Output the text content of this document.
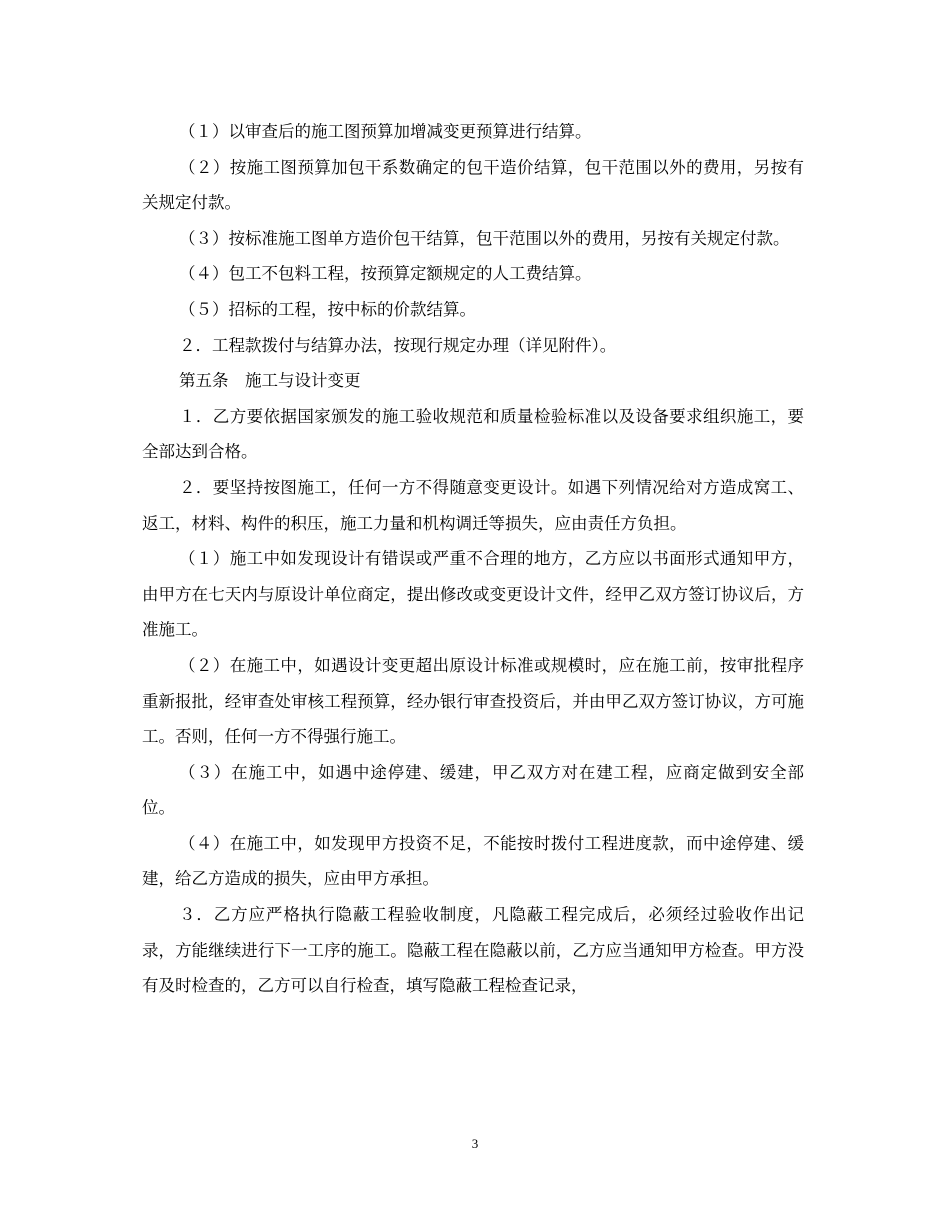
（１）以审查后的施工图预算加增减变更预算进行结算。

（２）按施工图预算加包干系数确定的包干造价结算，包干范围以外的费用，另按有关规定付款。

（３）按标准施工图单方造价包干结算，包干范围以外的费用，另按有关规定付款。

（４）包工不包料工程，按预算定额规定的人工费结算。

（５）招标的工程，按中标的价款结算。

２．工程款拨付与结算办法，按现行规定办理（详见附件）。

第五条　施工与设计变更

１．乙方要依据国家颁发的施工验收规范和质量检验标准以及设备要求组织施工，要全部达到合格。

２．要坚持按图施工，任何一方不得随意变更设计。如遇下列情况给对方造成窝工、返工，材料、构件的积压，施工力量和机构调迁等损失，应由责任方负担。

（１）施工中如发现设计有错误或严重不合理的地方，乙方应以书面形式通知甲方，由甲方在七天内与原设计单位商定，提出修改或变更设计文件，经甲乙双方签订协议后，方准施工。

（２）在施工中，如遇设计变更超出原设计标准或规模时，应在施工前，按审批程序重新报批，经审查处审核工程预算，经办银行审查投资后，并由甲乙双方签订协议，方可施工。否则，任何一方不得强行施工。

（３）在施工中，如遇中途停建、缓建，甲乙双方对在建工程，应商定做到安全部位。

（４）在施工中，如发现甲方投资不足，不能按时拨付工程进度款，而中途停建、缓建，给乙方造成的损失，应由甲方承担。

３．乙方应严格执行隐蔽工程验收制度，凡隐蔽工程完成后，必须经过验收作出记录，方能继续进行下一工序的施工。隐蔽工程在隐蔽以前，乙方应当通知甲方检查。甲方没有及时检查的，乙方可以自行检查，填写隐蔽工程检查记录，

3
